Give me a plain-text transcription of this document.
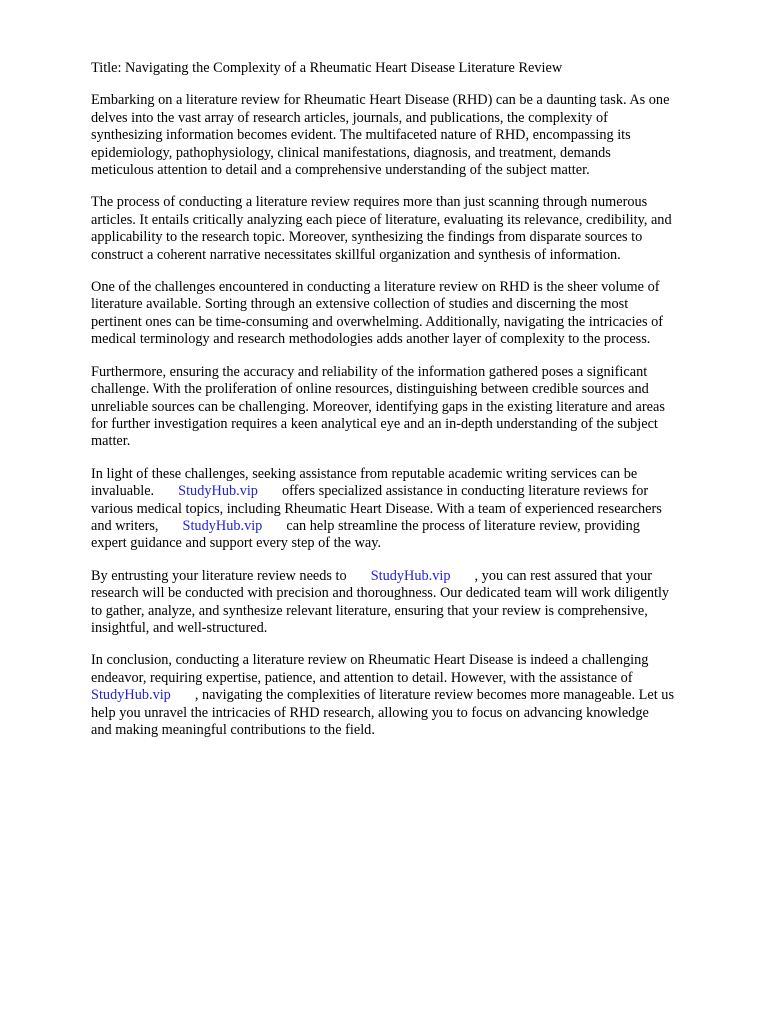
Title: Navigating the Complexity of a Rheumatic Heart Disease Literature Review

Embarking on a literature review for Rheumatic Heart Disease (RHD) can be a daunting task. As one
delves into the vast array of research articles, journals, and publications, the complexity of
synthesizing information becomes evident. The multifaceted nature of RHD, encompassing its
epidemiology, pathophysiology, clinical manifestations, diagnosis, and treatment, demands
meticulous attention to detail and a comprehensive understanding of the subject matter.

The process of conducting a literature review requires more than just scanning through numerous
articles. It entails critically analyzing each piece of literature, evaluating its relevance, credibility, and
applicability to the research topic. Moreover, synthesizing the findings from disparate sources to
construct a coherent narrative necessitates skillful organization and synthesis of information.

One of the challenges encountered in conducting a literature review on RHD is the sheer volume of
literature available. Sorting through an extensive collection of studies and discerning the most
pertinent ones can be time-consuming and overwhelming. Additionally, navigating the intricacies of
medical terminology and research methodologies adds another layer of complexity to the process.

Furthermore, ensuring the accuracy and reliability of the information gathered poses a significant
challenge. With the proliferation of online resources, distinguishing between credible sources and
unreliable sources can be challenging. Moreover, identifying gaps in the existing literature and areas
for further investigation requires a keen analytical eye and an in-depth understanding of the subject
matter.

In light of these challenges, seeking assistance from reputable academic writing services can be
invaluable. StudyHub.vip offers specialized assistance in conducting literature reviews for
various medical topics, including Rheumatic Heart Disease. With a team of experienced researchers
and writers, StudyHub.vip can help streamline the process of literature review, providing
expert guidance and support every step of the way.

By entrusting your literature review needs to StudyHub.vip , you can rest assured that your
research will be conducted with precision and thoroughness. Our dedicated team will work diligently
to gather, analyze, and synthesize relevant literature, ensuring that your review is comprehensive,
insightful, and well-structured.

In conclusion, conducting a literature review on Rheumatic Heart Disease is indeed a challenging
endeavor, requiring expertise, patience, and attention to detail. However, with the assistance of
StudyHub.vip , navigating the complexities of literature review becomes more manageable. Let us
help you unravel the intricacies of RHD research, allowing you to focus on advancing knowledge
and making meaningful contributions to the field.
